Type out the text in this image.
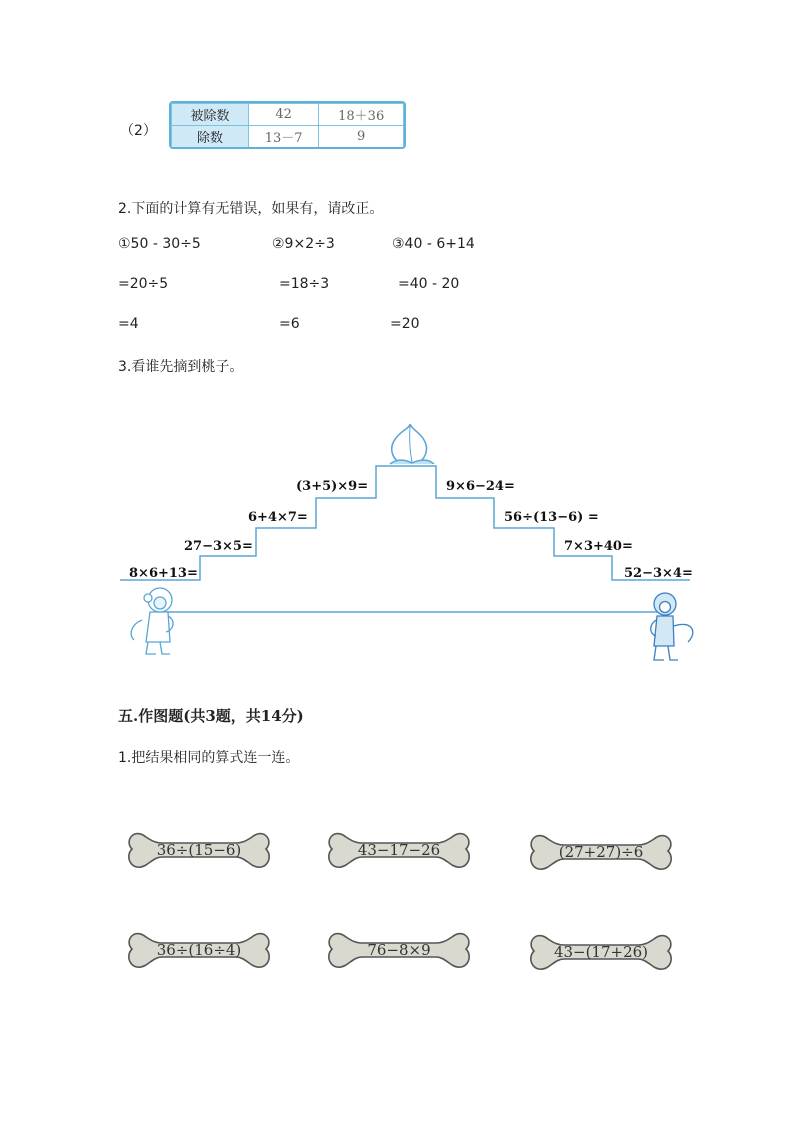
（2）
被除数	42	18＋36
除数	13－7	9
2.下面的计算有无错误，如果有，请改正。
①50 - 30÷5
=20÷5
=4
②9×2÷3
=18÷3
=6
③40 - 6+14
=40 - 20
=20
3.看谁先摘到桃子。
8×6+13=
27−3×5=
6+4×7=
(3+5)×9=	9×6−24=
56÷(13−6) =
7×3+40=
52−3×4=
五.作图题(共3题，共14分)
1.把结果相同的算式连一连。
36÷(15−6)	43−17−26	(27+27)÷6
36÷(16÷4)	76−8×9	43−(17+26)
